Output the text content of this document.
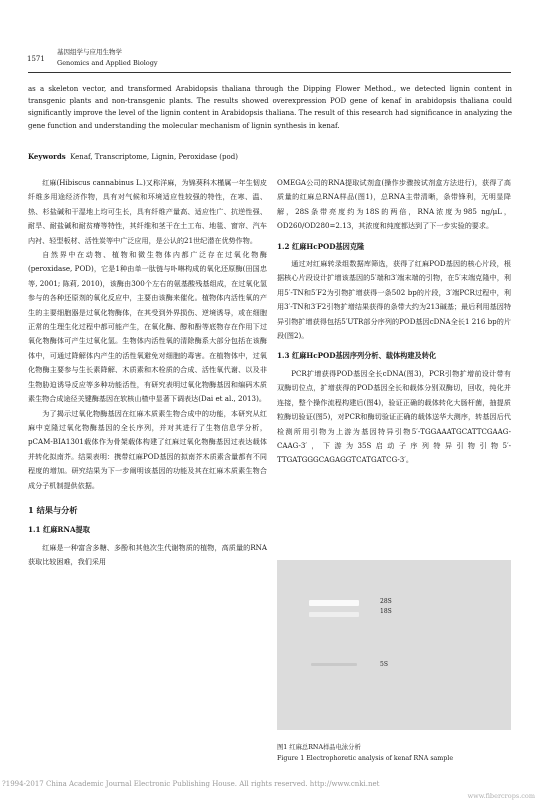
1571
基因组学与应用生物学
Genomics and Applied Biology
as a skeleton vector, and transformed Arabidopsis thaliana through the Dipping Flower Method., we detected lignin content in transgenic plants and non-transgenic plants. The results showed overexpression POD gene of kenaf in arabidopsis thaliana could significantly improve the level of the lignin content in Arabidopsis thaliana. The result of this research had significance in analyzing the gene function and understanding the molecular mechanism of lignin synthesis in kenaf.
Keywords Kenaf, Transcriptome, Lignin, Peroxidase (pod)

红麻(Hibiscus cannabinus L.)又称洋麻，为锦葵科木槿属一年生韧皮纤维多用途经济作物，具有对气候和环境适应性较强的特性，在寒、温、热、杉盐碱和干湿地上均可生长，具有纤维产量高、适应性广、抗逆性强、耐旱、耐盐碱和耐贫瘠等特性，其纤维和茎干在土工布、地毯、窗帘、汽车内衬、轻型板材、活性炭等中广泛应用，是公认的21世纪潜在优势作物。

自然界中在动物、植物和微生物体内都广泛存在过氧化物酶(peroxidase, POD)，它是1种由单一肽链与卟啉构成的氧化还原酶(田国忠等, 2001; 陈莉, 2010)，该酶由300个左右的氨基酸残基组成，在过氧化氢参与的各种还原剂的氧化反应中，主要由该酶来催化。植物体内活性氧的产生的主要细胞器是过氧化物酶体，在其受到外界损伤、逆境诱导，或在细胞正常的生理生化过程中都可能产生，在氧化酶、醇和酚等底物存在作用下过氧化物酶体可产生过氧化氢。生物体内活性氧的清除酶系大部分包括在该酶体中，可通过降解体内产生的活性氧避免对细胞的毒害。在植物体中，过氧化物酶主要参与生长素降解、木质素和木栓质的合成、活性氧代谢、以及非生物胁迫诱导反应等多种功能活性，有研究表明过氧化物酶基因和编码木质素生物合成途径关键酶基因在软核山楂中显著下调表达(Dai et al., 2013)。

为了揭示过氧化物酶基因在红麻木质素生物合成中的功能，本研究从红麻中克隆过氧化物酶基因的全长序列，并对其进行了生物信息学分析，pCAM-BIA1301载体作为骨架载体构建了红麻过氧化物酶基因过表达载体并转化拟南芥。结果表明：携带红麻POD基因的拟南芥木质素含量都有不同程度的增加。研究结果为下一步阐明该基因的功能及其在红麻木质素生物合成分子机制提供依据。

1 结果与分析
1.1 红麻RNA提取

红麻是一种富含多糖、多酚和其他次生代谢物质的植物，高质量的RNA获取比较困难，我们采用

OMEGA公司的RNA提取试剂盒(操作步骤按试剂盒方法进行)，获得了高质量的红麻总RNA样品(图1)，总RNA主带清晰，条带锋利，无明显降解，28S条带亮度约为18S的两倍，RNA浓度为985 ng/μL，OD260/OD280=2.13，其浓度和纯度都达到了下一步实验的要求。

1.2 红麻HcPOD基因克隆

通过对红麻转录组数据库筛选，获得了红麻POD基因的核心片段，根据核心片段设计扩增该基因的5′端和3′端末端的引物，在5′末端克隆中，利用5′-TN和5′F2为引物扩增获得一条502 bp的片段，3′端PCR过程中，利用3′-TN和3′F2引物扩增结果获得的条带大约为213碱基；最后利用基因特异引物扩增获得包括5′UTR部分序列的POD基因cDNA全长1 216 bp的片段(图2)。

1.3 红麻HcPOD基因序列分析、载体构建及转化

PCR扩增获得POD基因全长cDNA(图3)，PCR引物扩增前设计带有双酶切位点，扩增获得的POD基因全长和载体分别双酶切，回收，纯化并连接，整个操作流程构建后(图4)，验证正确的载体转化大肠杆菌，抽提质粒酶切验证(图5)，对PCR和酶切验证正确的载体送华大测序，转基因后代检测所用引物为上游为基因特异引物5′-TGGAAATGCATTCGAAG-CAAG-3′，下游为35S启动子序列特异引物引物5′-TTGATGGGCAGAGGTCATGATCG-3′。

28S
18S
5S
图1 红麻总RNA样品电泳分析
Figure 1 Electrophoretic analysis of kenaf RNA sample
?1994-2017 China Academic Journal Electronic Publishing House. All rights reserved. http://www.cnki.net
www.fibercrops.com
